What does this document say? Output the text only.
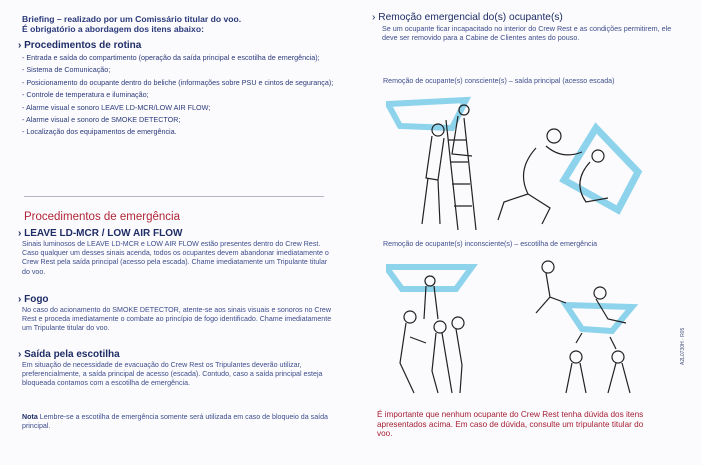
Briefing – realizado por um Comissário titular do voo.
É obrigatório a abordagem dos itens abaixo:
› Procedimentos de rotina
- Entrada e saída do compartimento (operação da saída principal e escotilha de emergência);
- Sistema de Comunicação;
- Posicionamento do ocupante dentro do beliche (informações sobre PSU e cintos de segurança);
- Controle de temperatura e iluminação;
- Alarme visual e sonoro LEAVE LD-MCR/LOW AIR FLOW;
- Alarme visual e sonoro de SMOKE DETECTOR;
- Localização dos equipamentos de emergência.
Procedimentos de emergência
› LEAVE LD-MCR / LOW AIR FLOW

Sinais luminosos de LEAVE LD-MCR e LOW AIR FLOW estão presentes dentro do Crew Rest. Caso qualquer um desses sinais acenda, todos os ocupantes devem abandonar imediatamente o Crew Rest pela saída principal (acesso pela escada). Chame imediatamente um Tripulante titular do voo.

› Fogo

No caso do acionamento do SMOKE DETECTOR, atente-se aos sinais visuais e sonoros no Crew Rest e proceda imediatamente o combate ao princípio de fogo identificado. Chame imediatamente um Tripulante titular do voo.

› Saída pela escotilha

Em situação de necessidade de evacuação do Crew Rest os Tripulantes deverão utilizar, preferencialmente, a saída principal de acesso (escada). Contudo, caso a saída principal esteja bloqueada contamos com a escotilha de emergência.

Nota Lembre-se a escotilha de emergência somente será utilizada em caso de bloqueio da saída principal.

› Remoção emergencial do(s) ocupante(s)

Se um ocupante ficar incapacitado no interior do Crew Rest e as condições permitirem, ele deve ser removido para a Cabine de Clientes antes do pouso.

Remoção de ocupante(s) consciente(s) – saída principal (acesso escada)
Remoção de ocupante(s) inconsciente(s) – escotilha de emergência
É importante que nenhum ocupante do Crew Rest tenha dúvida dos itens apresentados acima. Em caso de dúvida, consulte um tripulante titular do voo.
A2L0730H · R05
